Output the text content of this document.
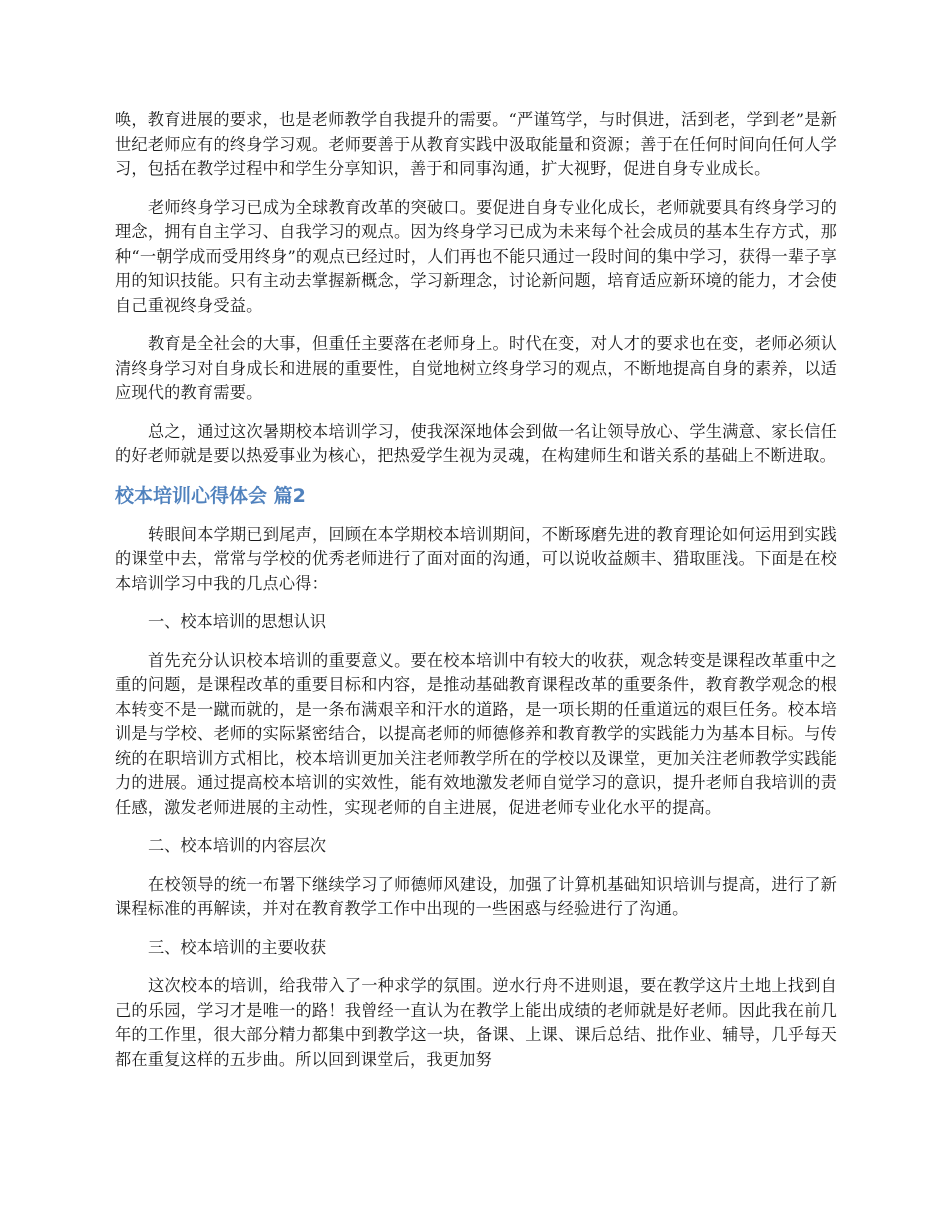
唤，教育进展的要求，也是老师教学自我提升的需要。“严谨笃学，与时俱进，活到老，学到老”是新世纪老师应有的终身学习观。老师要善于从教育实践中汲取能量和资源；善于在任何时间向任何人学习，包括在教学过程中和学生分享知识，善于和同事沟通，扩大视野，促进自身专业成长。

老师终身学习已成为全球教育改革的突破口。要促进自身专业化成长，老师就要具有终身学习的理念，拥有自主学习、自我学习的观点。因为终身学习已成为未来每个社会成员的基本生存方式，那种“一朝学成而受用终身”的观点已经过时，人们再也不能只通过一段时间的集中学习，获得一辈子享用的知识技能。只有主动去掌握新概念，学习新理念，讨论新问题，培育适应新环境的能力，才会使自己重视终身受益。

教育是全社会的大事，但重任主要落在老师身上。时代在变，对人才的要求也在变，老师必须认清终身学习对自身成长和进展的重要性，自觉地树立终身学习的观点，不断地提高自身的素养，以适应现代的教育需要。

总之，通过这次暑期校本培训学习，使我深深地体会到做一名让领导放心、学生满意、家长信任的好老师就是要以热爱事业为核心，把热爱学生视为灵魂，在构建师生和谐关系的基础上不断进取。

校本培训心得体会 篇2

转眼间本学期已到尾声，回顾在本学期校本培训期间，不断琢磨先进的教育理论如何运用到实践的课堂中去，常常与学校的优秀老师进行了面对面的沟通，可以说收益颇丰、猎取匪浅。下面是在校本培训学习中我的几点心得：

一、校本培训的思想认识

首先充分认识校本培训的重要意义。要在校本培训中有较大的收获，观念转变是课程改革重中之重的问题，是课程改革的重要目标和内容，是推动基础教育课程改革的重要条件，教育教学观念的根本转变不是一蹴而就的，是一条布满艰辛和汗水的道路，是一项长期的任重道远的艰巨任务。校本培训是与学校、老师的实际紧密结合，以提高老师的师德修养和教育教学的实践能力为基本目标。与传统的在职培训方式相比，校本培训更加关注老师教学所在的学校以及课堂，更加关注老师教学实践能力的进展。通过提高校本培训的实效性，能有效地激发老师自觉学习的意识，提升老师自我培训的责任感，激发老师进展的主动性，实现老师的自主进展，促进老师专业化水平的提高。

二、校本培训的内容层次

在校领导的统一布署下继续学习了师德师风建设，加强了计算机基础知识培训与提高，进行了新课程标准的再解读，并对在教育教学工作中出现的一些困惑与经验进行了沟通。

三、校本培训的主要收获

这次校本的培训，给我带入了一种求学的氛围。逆水行舟不进则退，要在教学这片土地上找到自己的乐园，学习才是唯一的路！我曾经一直认为在教学上能出成绩的老师就是好老师。因此我在前几年的工作里，很大部分精力都集中到教学这一块，备课、上课、课后总结、批作业、辅导，几乎每天都在重复这样的五步曲。所以回到课堂后，我更加努
